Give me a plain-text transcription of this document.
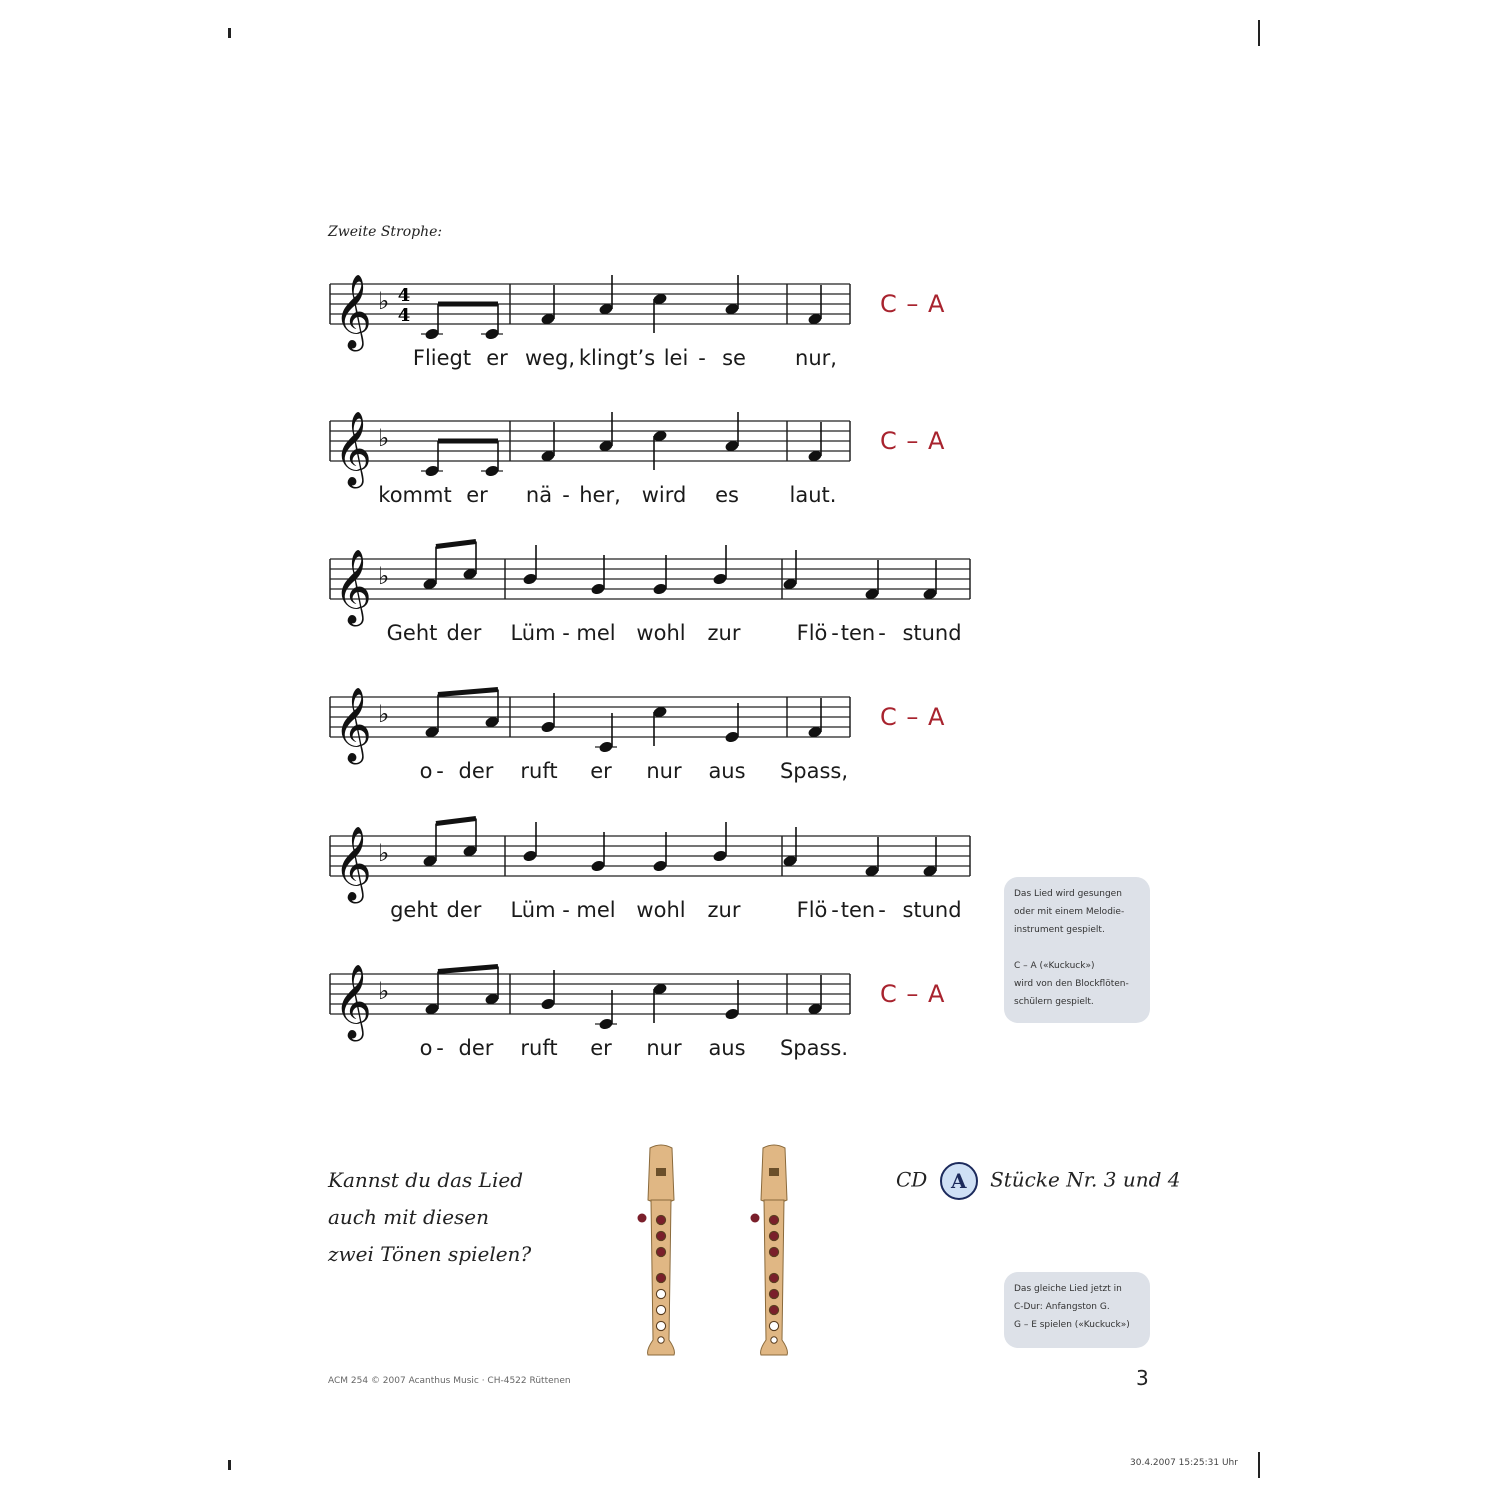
Zweite Strophe:
𝄞 ♭ 4
4
𝄞 ♭
𝄞 ♭
𝄞 ♭
𝄞 ♭
𝄞 ♭
Fliegt er weg, klingt’s lei - se nur,
kommt er nä - her, wird es laut.
Geht der Lüm - mel wohl zur	Flö - ten - stund
o - der ruft er nur aus Spass,
geht der Lüm - mel wohl zur	Flö - ten - stund
o - der ruft er nur aus Spass.
C – A
C – A
C – A
C – A

Das Lied wird gesungen

oder mit einem Melodie-

instrument gespielt.

C – A («Kuckuck»)

wird von den Blockflöten-

schülern gespielt.

Kannst du das Lied
auch mit diesen
zwei Tönen spielen?
CD A Stücke Nr. 3 und 4

Das gleiche Lied jetzt in

C-Dur: Anfangston G.

G – E spielen («Kuckuck»)

ACM 254 © 2007 Acanthus Music · CH-4522 Rüttenen	3
30.4.2007 15:25:31 Uhr
